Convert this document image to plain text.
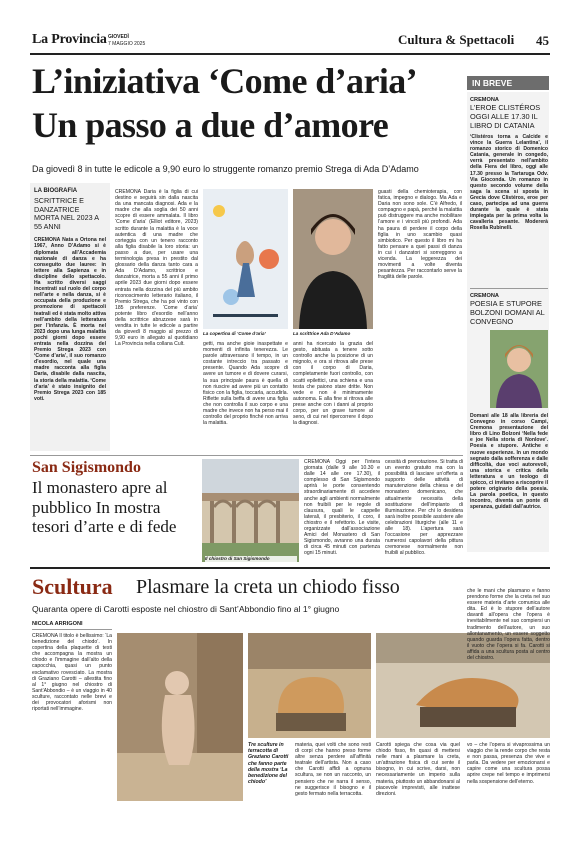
La Provincia GIOVEDÌ
7 MAGGIO 2025	Cultura & Spettacoli 45
L’iniziativa ‘Come d’aria’
Un passo a due d’amore
Da giovedì 8 in tutte le edicole a 9,90 euro lo struggente romanzo premio Strega di Ada D’Adamo
LA BIOGRAFIA
SCRITTRICE E DANZATRICE MORTA NEL 2023 A 55 ANNI
CREMONA Nata a Ortona nel 1967, Anno D’Adamo si è diplomata all’Accademia nazionale di danza e ha conseguito due lauree: in lettere alla Sapienza e in discipline dello spettacolo. Ha scritto diversi saggi incentrati sul ruolo del corpo nell’arte e nella danza, si è occupata della produzione e promozione di spettacoli teatrali ed è stata molto attiva nell’ambito della letteratura per l’infanzia. È morta nel 2023 dopo una lunga malattia pochi giorni dopo essere entrata nella dozzina del Premio Strega 2023 con ‘Come d’aria’, il suo romanzo d’esordio, nel quale una madre racconta alla figlia Daria, disabile dalla nascita, la storia della malattia. ‘Come d’aria’ è stato insignito del Premio Strega 2023 con 185 voti.
CREMONA Daria è la figlia di cui destino e seguirà sin dalla nascita da una mancata diagnosi. Ada e la madre che alla soglia dei 50 anni scopre di essere ammalata. Il libro ‘Come d’aria’ (Elliot editore, 2023) scritto durante la malattia è la voce autentica di una madre che corteggia con un tenero racconto alla figlia disabile la loro storia: un passo a due, per usare una terminologia presa in prestito dal glossario della danza tanto cara a Ada D’Adamo, scrittrice e danzatrice, morta a 55 anni il primo aprile 2023 due giorni dopo essere entrata nella dozzina del più ambito riconoscimento letterario italiano, il Premio Strega, che ha poi vinto con 185 preferenze. ‘Come d’aria’ potente libro d’esordio nell’anno della scrittrice abruzzese sarà in vendita in tutte le edicole a partire da giovedì 8 maggio al prezzo di 9,90 euro in allegato al quotidiano La Provincia nella collana Cult.
La copertina di ‘Come d’aria’	La scrittrice Ada D’Adamo
getti, ma anche gioie inaspettate e momenti di infinita tenerezza. Le parole attraversano il tempo, in un costante intreccio tra passato e presente. Quando Ada scopre di avere un tumore e di dovere curarsi, la sua principale paura è quella di non riuscire ad avere più un contatto fisico con la figlia, toccarla, accudirla. Riflette sulla beffa di avere una figlia che non controlla il suo corpo e una madre che invece non ha perso mai il controllo del proprio finché non arriva la malattia.
anni ha ricercato la grazia del gesto, abituata a tenere sotto controllo anche la posizione di un mignolo, e ora si ritrova alle prese con il corpo di Daria, completamente fuori controllo, con scatti epilettici, una schiena e una testa che paiono stare dritte. Non vede e non è minimamente autonoma. E alla fine si ritrova alle prese anche con i danni al proprio corpo, per un grave tumore al seno, di cui nel ripercorrere il dopo la diagnosi.
guasti della chemioterapia, con fatica, impegno e dialogo. Ma Ada e Daria non sono sole. C’è Alfredo, il compagno e papà, perché la malattia può distruggere ma anche mobilitare l’amore e i vincoli più profondi. Ada ha paura di perdere il corpo della figlia in uno scambio quasi simbiotico. Per questo il libro mi ha fatto pensare a quei passi di danza in cui i danzatori si sorreggono a vicenda. La leggerezza dei movimenti a volte diventa pesantezza. Per raccontarlo serve la fragilità delle parole.
IN BREVE
CREMONA
L’EROE CLISTÉROS OGGI ALLE 17.30 IL LIBRO DI CATANIA
‘Clistéros torna a Calcide e vince la Guerra Lelantina’, il romanzo storico di Domenico Catania, generale in congedo, verrà presentato nell’ambito della Fiera del libro, oggi alle 17.30 presso la Tartaruga Odv. Via Gioconda. Un romanzo in questo secondo volume della saga la scena si sposta in Grecia dove Clistéros, eroe per caso, partecipa ad una guerra durante la quale è stata impiegata per la prima volta la cavalleria pesante. Modererà Rosella Rubinelli.
CREMONA
POESIA E STUPORE BOLZONI DOMANI AL CONVEGNO
Domani alle 18 alla libreria del Convegno in corso Campi, Cremona presentazione del libro di Lino Bolzoni ‘Nella fede e joe Nella storia di Nonlove’. Poesia e stupore. Antiche e nuove esperienze. In un mondo segnato dalla sofferenza e dalle difficoltà, due voci autorevoli, una storica e critica della letteratura e un teologo di spicco, ci invitano a riscoprire il potere originario della poesia. La parola poetica, in questo incontro, diventa un ponte di speranza, guidati dall’autrice.
San Sigismondo
Il monastero apre al pubblico In mostra tesori d’arte e di fede
Il chiostro di San Sigismondo
CREMONA Oggi per l’intera giornata (dalle 9 alle 10.30 e dalle 14 alle ore 17.30), il complesso di San Sigismondo aprirà le porte consentendo straordinariamente di accedere anche agli ambienti normalmente non fruibili per le regole di clausura, quali le cappelle laterali, il presbiterio, il coro, il chiostro e il refettorio. Le visite, organizzate dall’associazione Amici del Monastero di San Sigismondo, avranno una durata di circa 45 minuti con partenza ogni 15 minuti.
cessità di prenotazione. Si tratta di un evento gratuito ma con la possibilità di lasciare un’offerta a supporto delle attività di manutenzione della chiesa e del monastero domenicano, che attualmente necessita della sostituzione dell’impianto di illuminazione. Per chi lo desidera sarà inoltre possibile assistere alle celebrazioni liturgiche (alle 11 e alle 18). L’apertura sarà l’occasione per apprezzare numerosi capolavori della pittura cremonese normalmente non fruibili al pubblico.
Scultura Plasmare la creta un chiodo fisso
Quaranta opere di Carotti esposte nel chiostro di Sant’Abbondio fino al 1° giugno
NICOLA ARRIGONI
CREMONA Il titolo è bellissimo: ‘La benedizione del chiodo’. In copertina della plaquette di testi che accompagna la mostra un chiodo e l’immagine dall’alto della capocchia, quasi un punto esclamativo rovesciato. La mostra di Graziano Carotti – allestita fino al 1° giugno nel chiostro di Sant’Abbondio – è un viaggio in 40 sculture, raccontato nelle brevi e dei provocatori aforismi non riportati nell’immagine.
Tre sculture in terracotta di Graziano Carotti che fanno parte della mostra ‘La benedizione del chiodo’
materia, quei volti che sono resti di corpi che hanno preso forme altre senza perdere all’affinità teatrale dell’artista. Non a caso che Carotti affidi a ognuna scultura, se non un racconto, un pensiero che ne narra il senso, ne suggerisce il bisogno e il gesto fermato nella terracotta.
Carotti spiega che cosa via quel chiodo fisso, fin quasi di mettersi nelle mani a plasmare la creta, un’attrazione fisica di cui sente il bisogno, in cui scrive, darsi, non necessariamente un imperio sulla materia, piuttosto un abbandonarsi al piacevole imprevisti, alle inattese direzioni.
che le mani che plasmano e fanno prendono forme che la creta nel suo essere materia d’arte comunica alle dita. Ed è lo stupore dell’autore davanti all’opera che l’opera è inevitabilmente nel suo compiersi un tradimento dell’autore, un suo allontanamento, un essere soggetto quando guarda l’opera fatta, dentro il vuoto che l’opera si fa. Carotti si affida a una scultura posta al centro del chiostro.
vo – che l’opera si vivaprossima un viaggio che la rende corpo che resta e non passa, presenza che vive e parla. Da vedere per emozionarsi e capire come una scultura possa aprire crepe nel tempo e imprimersi nella sospensione dell’eterno.
